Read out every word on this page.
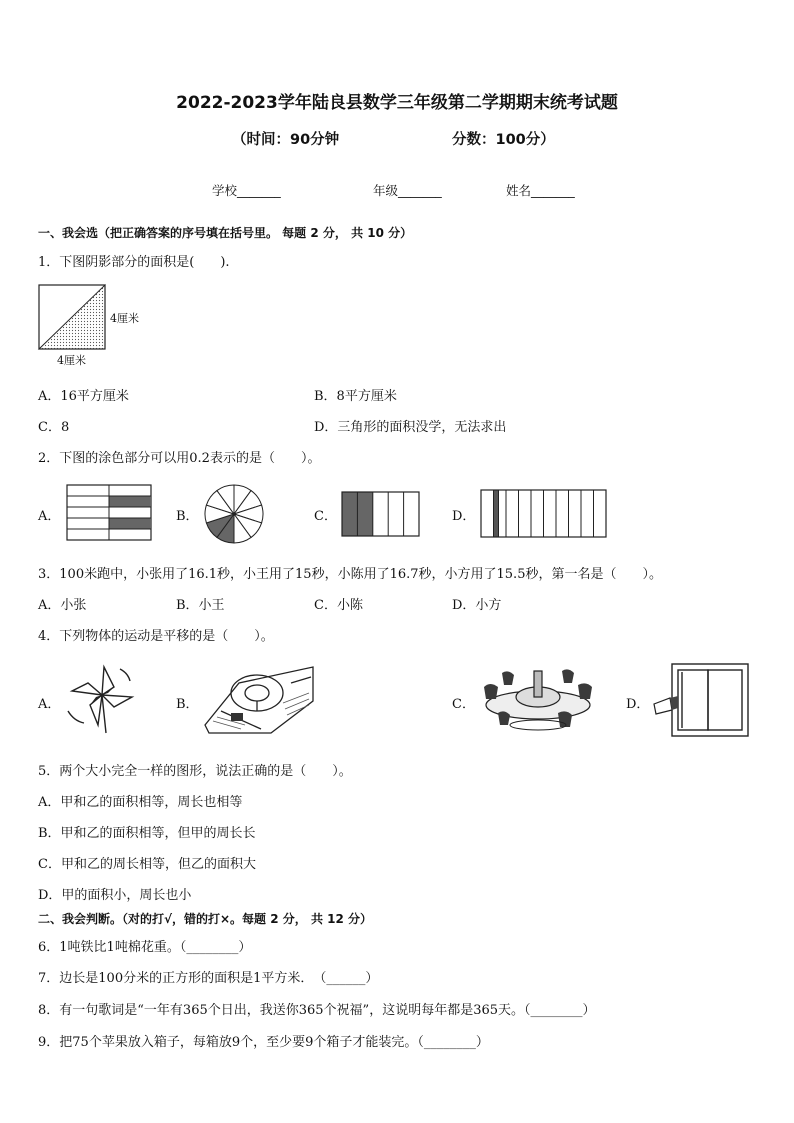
2022-2023学年陆良县数学三年级第二学期期末统考试题
（时间：90分钟	分数：100分）
学校_______	年级_______	姓名_______
一、我会选（把正确答案的序号填在括号里。 每题 2 分， 共 10 分）
1．下图阴影部分的面积是(　　).
4厘米
4厘米
A．16平方厘米	B．8平方厘米
C．8	D．三角形的面积没学，无法求出
2．下图的涂色部分可以用0.2表示的是（　　）。
A．	B．	C．	D．
3．100米跑中，小张用了16.1秒，小王用了15秒，小陈用了16.7秒，小方用了15.5秒，第一名是（　　）。
A．小张	B．小王	C．小陈	D．小方
4．下列物体的运动是平移的是（　　）。
A．	B．	C．	D．
5．两个大小完全一样的图形，说法正确的是（　　）。
A．甲和乙的面积相等，周长也相等
B．甲和乙的面积相等，但甲的周长长
C．甲和乙的周长相等，但乙的面积大
D．甲的面积小，周长也小
二、我会判断。（对的打√，错的打×。每题 2 分， 共 12 分）
6．1吨铁比1吨棉花重。（________）
7．边长是100分米的正方形的面积是1平方米．　（______）
8．有一句歌词是“一年有365个日出，我送你365个祝福”，这说明每年都是365天。（________）
9．把75个苹果放入箱子，每箱放9个，至少要9个箱子才能装完。（________）
